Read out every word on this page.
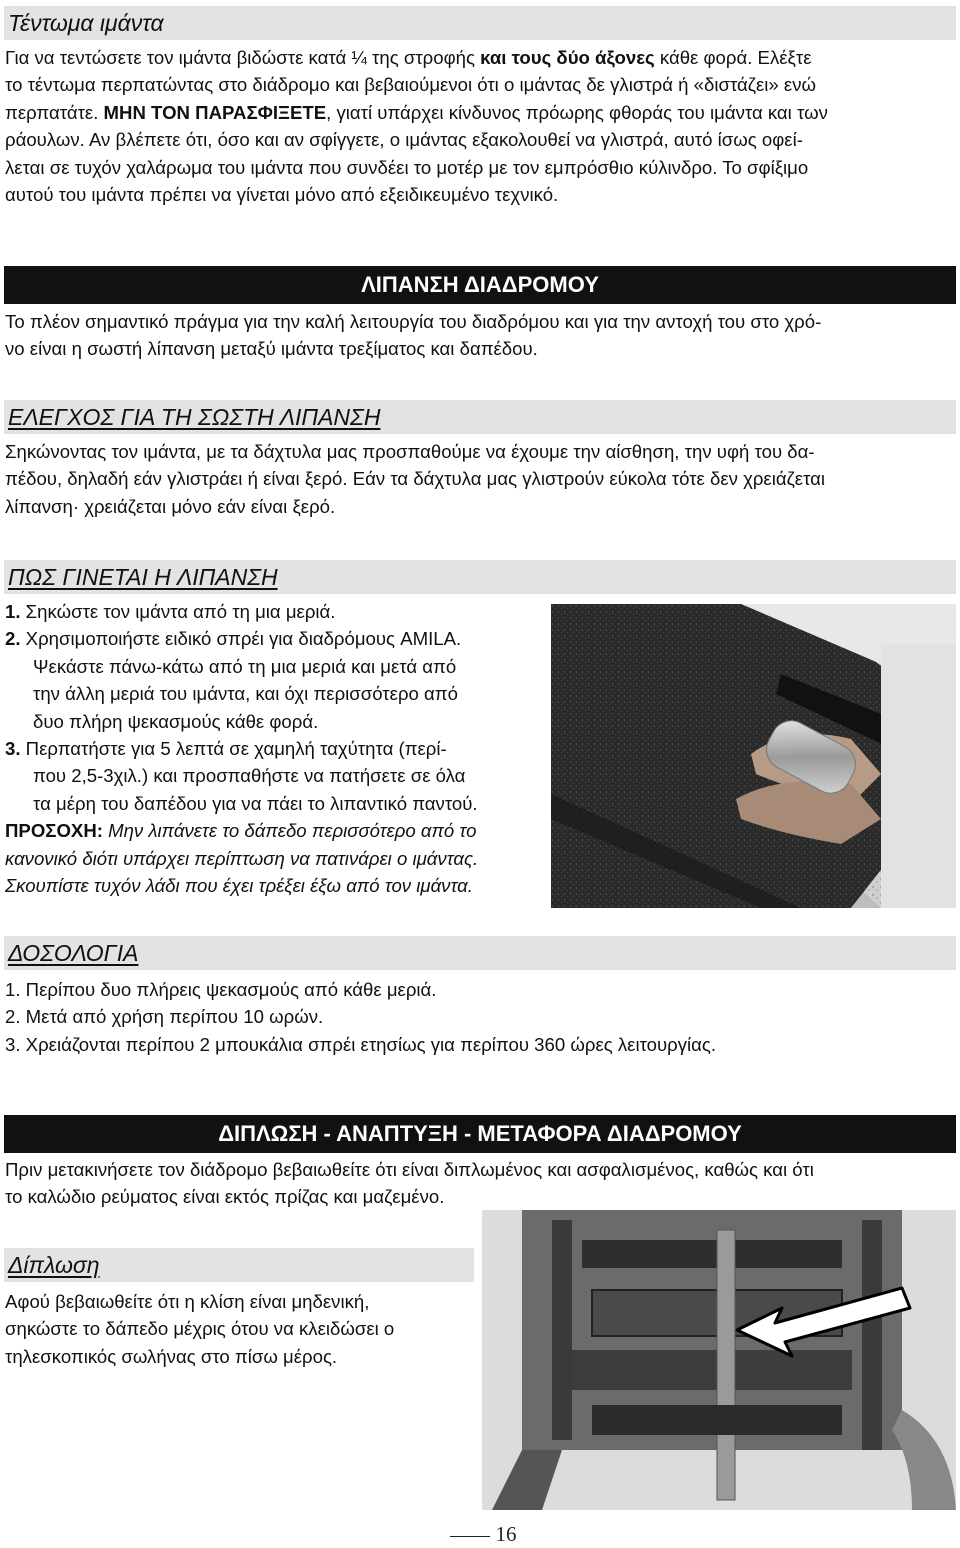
Τέντωμα ιμάντα

Για να τεντώσετε τον ιμάντα βιδώστε κατά ¼ της στροφής και τους δύο άξονες κάθε φορά. Ελέξτε

το τέντωμα περπατώντας στο διάδρομο και βεβαιούμενοι ότι ο ιμάντας δε γλιστρά ή «διστάζει» ενώ

περπατάτε. ΜΗΝ ΤΟΝ ΠΑΡΑΣΦΙΞΕΤΕ, γιατί υπάρχει κίνδυνος πρόωρης φθοράς του ιμάντα και των

ράουλων. Αν βλέπετε ότι, όσο και αν σφίγγετε, ο ιμάντας εξακολουθεί να γλιστρά, αυτό ίσως οφεί-

λεται σε τυχόν χαλάρωμα του ιμάντα που συνδέει το μοτέρ με τον εμπρόσθιο κύλινδρο. Το σφίξιμο

αυτού του ιμάντα πρέπει να γίνεται μόνο από εξειδικευμένο τεχνικό.

ΛΙΠΑΝΣΗ ΔΙΑΔΡΟΜΟΥ

Το πλέον σημαντικό πράγμα για την καλή λειτουργία του διαδρόμου και για την αντοχή του στο χρό-

νο είναι η σωστή λίπανση μεταξύ ιμάντα τρεξίματος και δαπέδου.

ΕΛΕΓΧΟΣ ΓΙΑ ΤΗ ΣΩΣΤΗ ΛΙΠΑΝΣΗ

Σηκώνοντας τον ιμάντα, με τα δάχτυλα μας προσπαθούμε να έχουμε την αίσθηση, την υφή του δα-

πέδου, δηλαδή εάν γλιστράει ή είναι ξερό. Εάν τα δάχτυλα μας γλιστρούν εύκολα τότε δεν χρειάζεται

λίπανση· χρειάζεται μόνο εάν είναι ξερό.

ΠΩΣ ΓΙΝΕΤΑΙ Η ΛΙΠΑΝΣΗ
1. Σηκώστε τον ιμάντα από τη μια μεριά.
2. Χρησιμοποιήστε ειδικό σπρέι για διαδρόμους AMILA.
Ψεκάστε πάνω-κάτω από τη μια μεριά και μετά από
την άλλη μεριά του ιμάντα, και όχι περισσότερο από
δυο πλήρη ψεκασμούς κάθε φορά.
3. Περπατήστε για 5 λεπτά σε χαμηλή ταχύτητα (περί-
που 2,5-3χιλ.) και προσπαθήστε να πατήσετε σε όλα
τα μέρη του δαπέδου για να πάει το λιπαντικό παντού.
ΠΡΟΣΟΧΗ: Μην λιπάνετε το δάπεδο περισσότερο από το
κανονικό διότι υπάρχει περίπτωση να πατινάρει ο ιμάντας.
Σκουπίστε τυχόν λάδι που έχει τρέξει έξω από τον ιμάντα.
ΔΟΣΟΛΟΓΙΑ
1. Περίπου δυο πλήρεις ψεκασμούς από κάθε μεριά.
2. Μετά από χρήση περίπου 10 ωρών.
3. Χρειάζονται περίπου 2 μπουκάλια σπρέι ετησίως για περίπου 360 ώρες λειτουργίας.
ΔΙΠΛΩΣΗ - ΑΝΑΠΤΥΞΗ - ΜΕΤΑΦΟΡΑ ΔΙΑΔΡΟΜΟΥ

Πριν μετακινήσετε τον διάδρομο βεβαιωθείτε ότι είναι διπλωμένος και ασφαλισμένος, καθώς και ότι

το καλώδιο ρεύματος είναι εκτός πρίζας και μαζεμένο.

Δίπλωση

Αφού βεβαιωθείτε ότι η κλίση είναι μηδενική,

σηκώστε το δάπεδο μέχρις ότου να κλειδώσει ο

τηλεσκοπικός σωλήνας στο πίσω μέρος.

16
